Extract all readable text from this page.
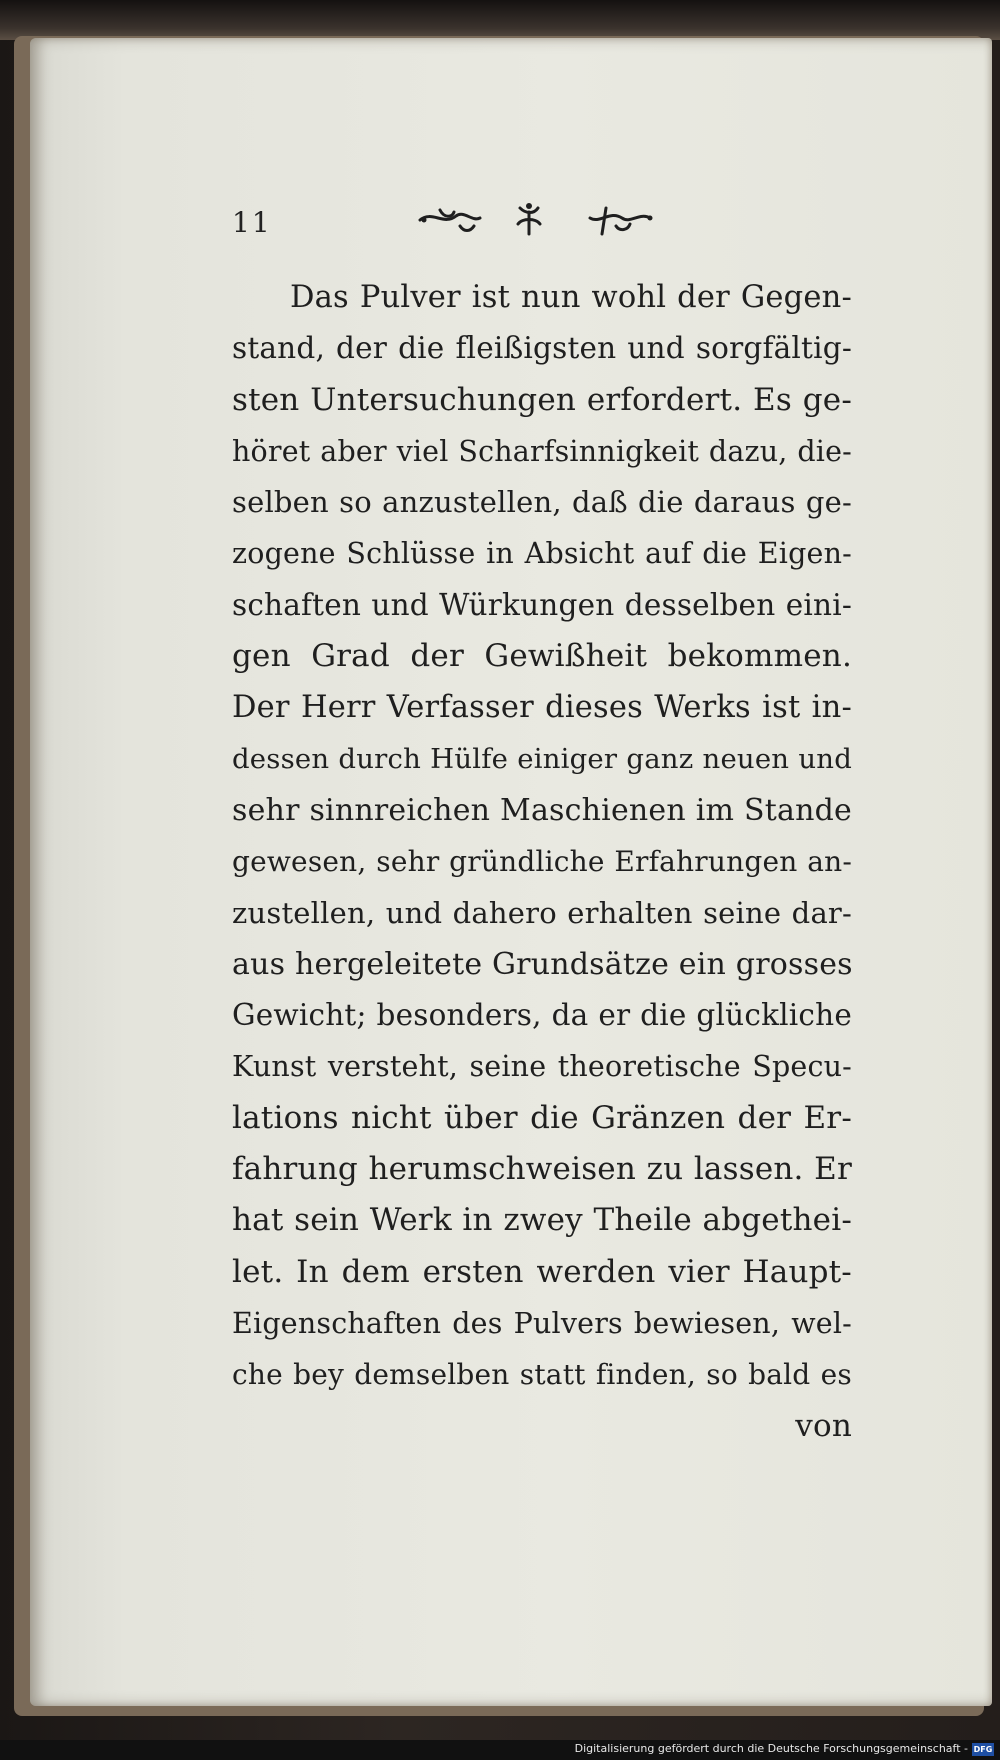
11
Das Pulver ist nun wohl der Gegen-
stand, der die fleißigsten und sorgfältig-
sten Untersuchungen erfordert. Es ge-
höret aber viel Scharfsinnigkeit dazu, die-
selben so anzustellen, daß die daraus ge-
zogene Schlüsse in Absicht auf die Eigen-
schaften und Würkungen desselben eini-
gen Grad der Gewißheit bekommen.
Der Herr Verfasser dieses Werks ist in-
dessen durch Hülfe einiger ganz neuen und
sehr sinnreichen Maschienen im Stande
gewesen, sehr gründliche Erfahrungen an-
zustellen, und dahero erhalten seine dar-
aus hergeleitete Grundsätze ein grosses
Gewicht; besonders, da er die glückliche
Kunst versteht, seine theoretische Specu-
lations nicht über die Gränzen der Er-
fahrung herumschweisen zu lassen. Er
hat sein Werk in zwey Theile abgethei-
let. In dem ersten werden vier Haupt-
Eigenschaften des Pulvers bewiesen, wel-
che bey demselben statt finden, so bald es
von
Digitalisierung gefördert durch die Deutsche Forschungsgemeinschaft - DFG
